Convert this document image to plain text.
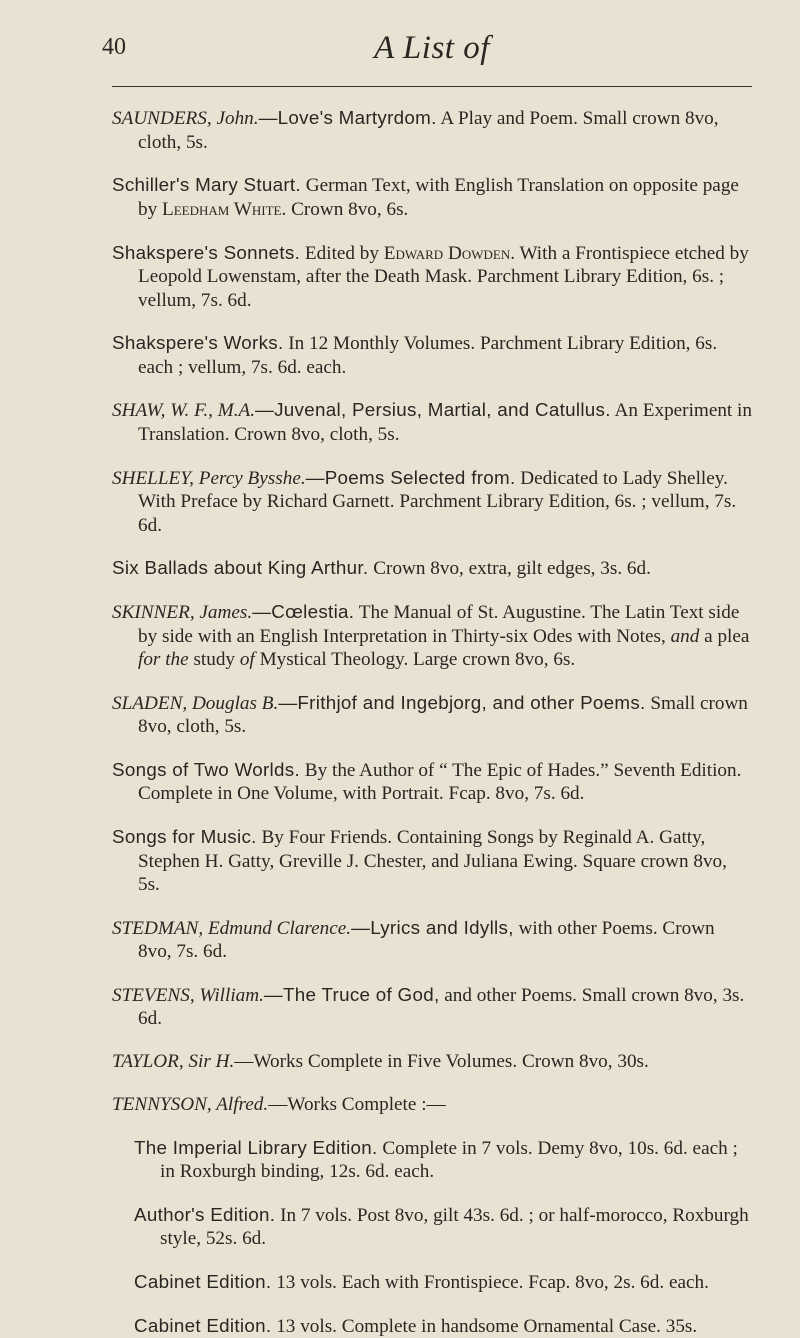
40	A List of

SAUNDERS, John.—Love's Martyrdom. A Play and Poem. Small crown 8vo, cloth, 5s.

Schiller's Mary Stuart. German Text, with English Translation on opposite page by Leedham White. Crown 8vo, 6s.

Shakspere's Sonnets. Edited by Edward Dowden. With a Frontispiece etched by Leopold Lowenstam, after the Death Mask. Parchment Library Edition, 6s. ; vellum, 7s. 6d.

Shakspere's Works. In 12 Monthly Volumes. Parchment Library Edition, 6s. each ; vellum, 7s. 6d. each.

SHAW, W. F., M.A.—Juvenal, Persius, Martial, and Catullus. An Experiment in Translation. Crown 8vo, cloth, 5s.

SHELLEY, Percy Bysshe.—Poems Selected from. Dedicated to Lady Shelley. With Preface by Richard Garnett. Parchment Library Edition, 6s. ; vellum, 7s. 6d.

Six Ballads about King Arthur. Crown 8vo, extra, gilt edges, 3s. 6d.

SKINNER, James.—Cœlestia. The Manual of St. Augustine. The Latin Text side by side with an English Interpretation in Thirty-six Odes with Notes, and a plea for the study of Mystical Theology. Large crown 8vo, 6s.

SLADEN, Douglas B.—Frithjof and Ingebjorg, and other Poems. Small crown 8vo, cloth, 5s.

Songs of Two Worlds. By the Author of “ The Epic of Hades.” Seventh Edition. Complete in One Volume, with Portrait. Fcap. 8vo, 7s. 6d.

Songs for Music. By Four Friends. Containing Songs by Reginald A. Gatty, Stephen H. Gatty, Greville J. Chester, and Juliana Ewing. Square crown 8vo, 5s.

STEDMAN, Edmund Clarence.—Lyrics and Idylls, with other Poems. Crown 8vo, 7s. 6d.

STEVENS, William.—The Truce of God, and other Poems. Small crown 8vo, 3s. 6d.

TAYLOR, Sir H.—Works Complete in Five Volumes. Crown 8vo, 30s.

TENNYSON, Alfred.—Works Complete :—

The Imperial Library Edition. Complete in 7 vols. Demy 8vo, 10s. 6d. each ; in Roxburgh binding, 12s. 6d. each.

Author's Edition. In 7 vols. Post 8vo, gilt 43s. 6d. ; or half-morocco, Roxburgh style, 52s. 6d.

Cabinet Edition. 13 vols. Each with Frontispiece. Fcap. 8vo, 2s. 6d. each.

Cabinet Edition. 13 vols. Complete in handsome Ornamental Case. 35s.
